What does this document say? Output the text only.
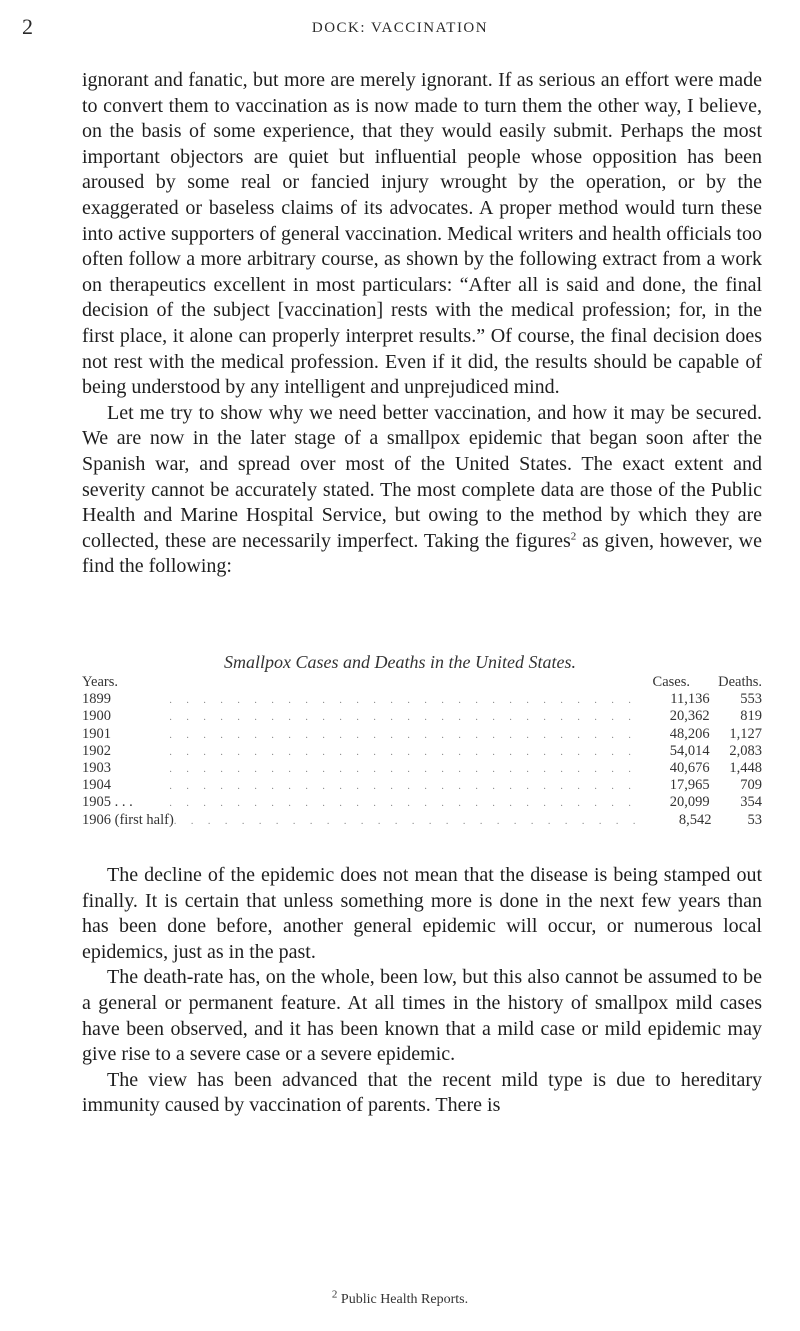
2	DOCK: VACCINATION

ignorant and fanatic, but more are merely ignorant. If as serious an effort were made to convert them to vaccination as is now made to turn them the other way, I believe, on the basis of some experience, that they would easily submit. Perhaps the most important objectors are quiet but influential people whose opposition has been aroused by some real or fancied injury wrought by the operation, or by the exaggerated or baseless claims of its advocates. A proper method would turn these into active supporters of general vaccination. Medical writers and health officials too often follow a more arbitrary course, as shown by the following extract from a work on therapeutics excellent in most particulars: “After all is said and done, the final decision of the subject [vaccination] rests with the medical profession; for, in the first place, it alone can properly interpret results.” Of course, the final decision does not rest with the medical profession. Even if it did, the results should be capable of being understood by any intelligent and unprejudiced mind.

Let me try to show why we need better vaccination, and how it may be secured. We are now in the later stage of a smallpox epidemic that began soon after the Spanish war, and spread over most of the United States. The exact extent and severity cannot be accurately stated. The most complete data are those of the Public Health and Marine Hospital Service, but owing to the method by which they are collected, these are necessarily imperfect. Taking the figures$^2$ as given, however, we find the following:

Smallpox Cases and Deaths in the United States.
Years.	Cases.	Deaths.
1899	. . . . . . . . . . . . . . . . . . . . . . . . . . . .	11,136	553
1900	. . . . . . . . . . . . . . . . . . . . . . . . . . . .	20,362	819
1901	. . . . . . . . . . . . . . . . . . . . . . . . . . . .	48,206	1,127
1902	. . . . . . . . . . . . . . . . . . . . . . . . . . . .	54,014	2,083
1903	. . . . . . . . . . . . . . . . . . . . . . . . . . . .	40,676	1,448
1904	. . . . . . . . . . . . . . . . . . . . . . . . . . . .	17,965	709
1905 . . .	. . . . . . . . . . . . . . . . . . . . . . . . . . . .	20,099	354
1906 (first half) . . . . . . . . . . . . . . . . . . . . . . . . . . . .	8,542	53

The decline of the epidemic does not mean that the disease is being stamped out finally. It is certain that unless something more is done in the next few years than has been done before, another general epidemic will occur, or numerous local epidemics, just as in the past.

The death-rate has, on the whole, been low, but this also cannot be assumed to be a general or permanent feature. At all times in the history of smallpox mild cases have been observed, and it has been known that a mild case or mild epidemic may give rise to a severe case or a severe epidemic.

The view has been advanced that the recent mild type is due to hereditary immunity caused by vaccination of parents. There is

$^2$ Public Health Reports.
